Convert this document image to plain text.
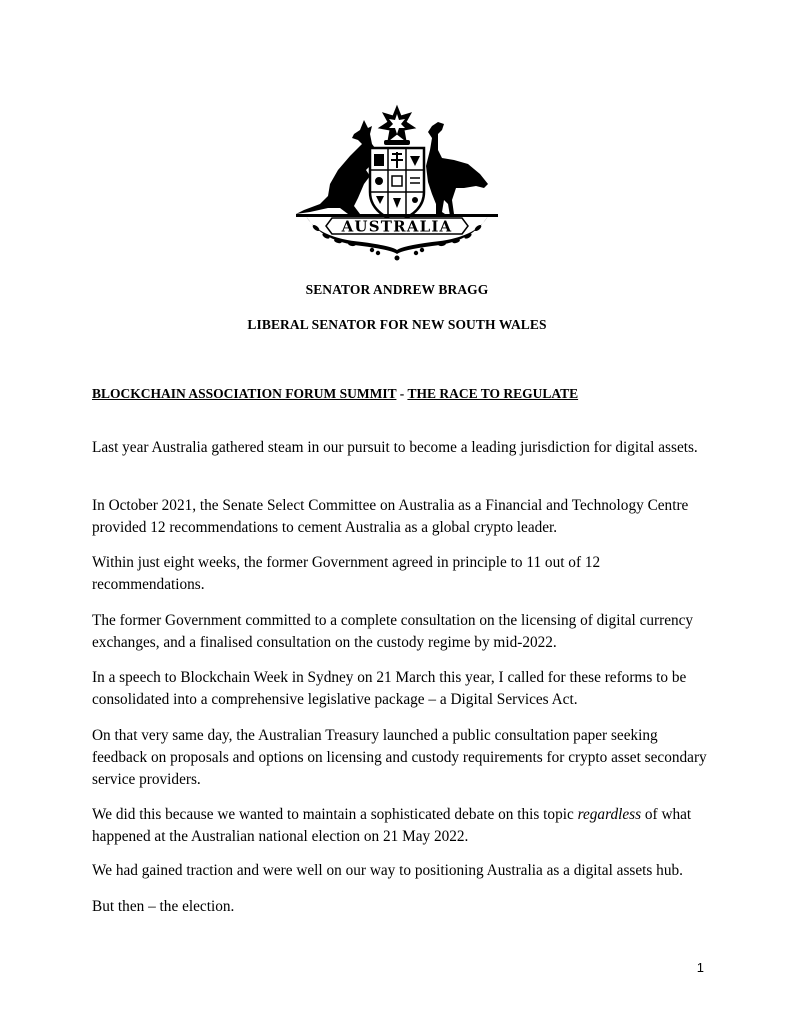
AUSTRALIA
SENATOR ANDREW BRAGG
LIBERAL SENATOR FOR NEW SOUTH WALES
BLOCKCHAIN ASSOCIATION FORUM SUMMIT - THE RACE TO REGULATE

Last year Australia gathered steam in our pursuit to become a leading jurisdiction for digital assets.

In October 2021, the Senate Select Committee on Australia as a Financial and Technology Centre provided 12 recommendations to cement Australia as a global crypto leader.

Within just eight weeks, the former Government agreed in principle to 11 out of 12 recommendations.

The former Government committed to a complete consultation on the licensing of digital currency exchanges, and a finalised consultation on the custody regime by mid-2022.

In a speech to Blockchain Week in Sydney on 21 March this year, I called for these reforms to be consolidated into a comprehensive legislative package – a Digital Services Act.

On that very same day, the Australian Treasury launched a public consultation paper seeking feedback on proposals and options on licensing and custody requirements for crypto asset secondary service providers.

We did this because we wanted to maintain a sophisticated debate on this topic regardless of what happened at the Australian national election on 21 May 2022.

We had gained traction and were well on our way to positioning Australia as a digital assets hub.

But then – the election.

1
